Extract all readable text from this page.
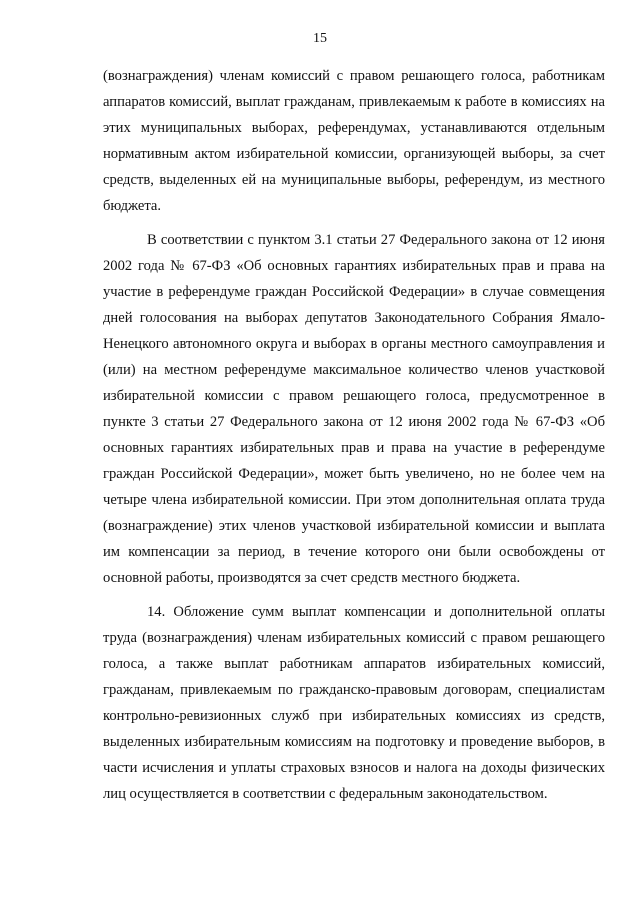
15

(вознаграждения) членам комиссий с правом решающего голоса, работникам аппаратов комиссий, выплат гражданам, привлекаемым к работе в комиссиях на этих муниципальных выборах, референдумах, устанавливаются отдельным нормативным актом избирательной комиссии, организующей выборы, за счет средств, выделенных ей на муниципальные выборы, референдум, из местного бюджета.

В соответствии с пунктом 3.1 статьи 27 Федерального закона от 12 июня 2002 года № 67-ФЗ «Об основных гарантиях избирательных прав и права на участие в референдуме граждан Российской Федерации» в случае совмещения дней голосования на выборах депутатов Законодательного Собрания Ямало-Ненецкого автономного округа и выборах в органы местного самоуправления и (или) на местном референдуме максимальное количество членов участковой избирательной комиссии с правом решающего голоса, предусмотренное в пункте 3 статьи 27 Федерального закона от 12 июня 2002 года № 67-ФЗ «Об основных гарантиях избирательных прав и права на участие в референдуме граждан Российской Федерации», может быть увеличено, но не более чем на четыре члена избирательной комиссии. При этом дополнительная оплата труда (вознаграждение) этих членов участковой избирательной комиссии и выплата им компенсации за период, в течение которого они были освобождены от основной работы, производятся за счет средств местного бюджета.

14. Обложение сумм выплат компенсации и дополнительной оплаты труда (вознаграждения) членам избирательных комиссий с правом решающего голоса, а также выплат работникам аппаратов избирательных комиссий, гражданам, привлекаемым по гражданско-правовым договорам, специалистам контрольно-ревизионных служб при избирательных комиссиях из средств, выделенных избирательным комиссиям на подготовку и проведение выборов, в части исчисления и уплаты страховых взносов и налога на доходы физических лиц осуществляется в соответствии с федеральным законодательством.
